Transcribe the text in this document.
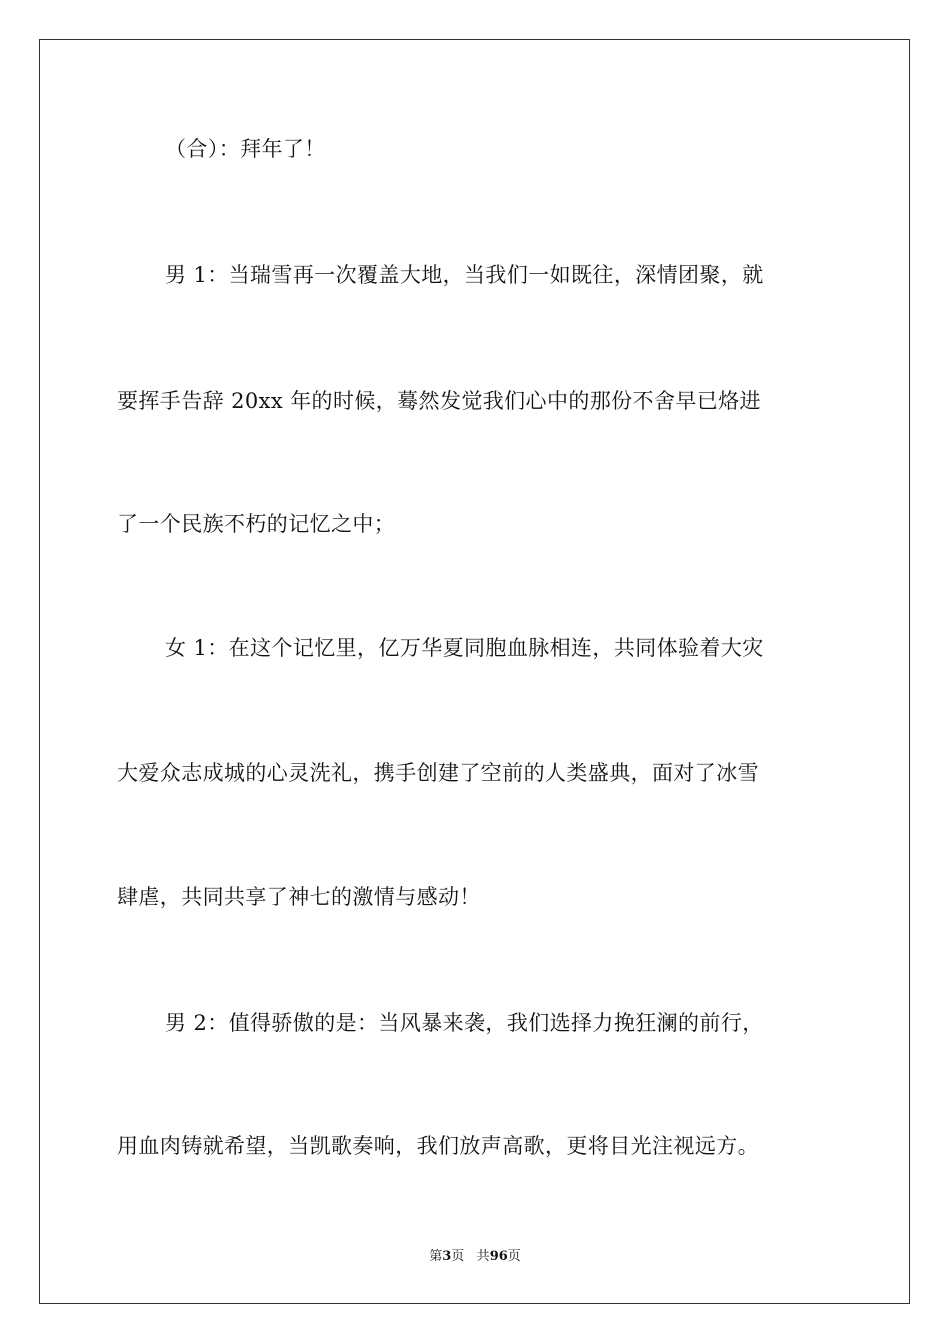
（合）：拜年了！
男 1：当瑞雪再一次覆盖大地，当我们一如既往，深情团聚，就
要挥手告辞 20xx 年的时候，蓦然发觉我们心中的那份不舍早已烙进
了一个民族不朽的记忆之中；
女 1：在这个记忆里，亿万华夏同胞血脉相连，共同体验着大灾
大爱众志成城的心灵洗礼，携手创建了空前的人类盛典，面对了冰雪
肆虐，共同共享了神七的激情与感动！
男 2：值得骄傲的是：当风暴来袭，我们选择力挽狂澜的前行，
用血肉铸就希望，当凯歌奏响，我们放声高歌，更将目光注视远方。
第3页 共96页
